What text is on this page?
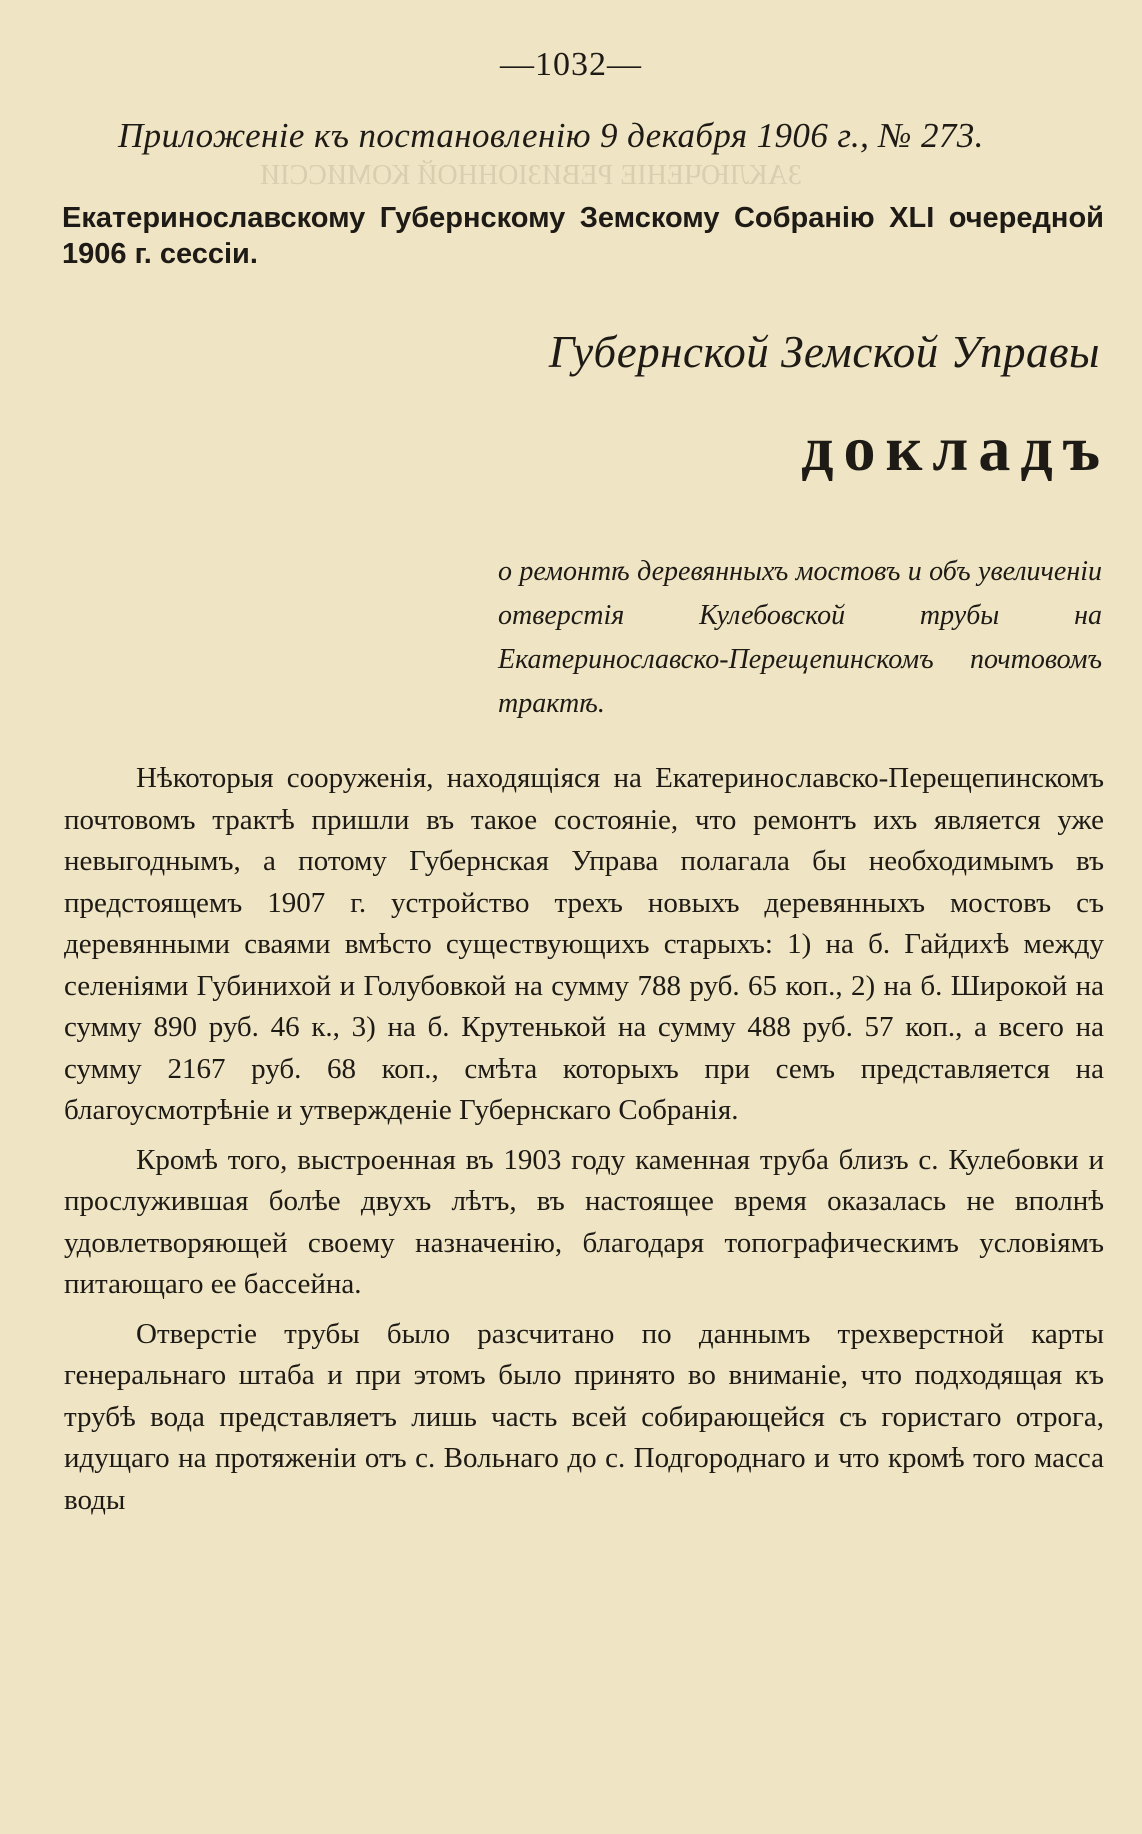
ЗАКЛЮЧЕНІЕ РЕВИЗІОННОЙ КОМИССІИ
—1032—
Приложеніе къ постановленію 9 декабря 1906 г., № 273.
Екатеринославскому Губернскому Земскому Собранію XLI очередной 1906 г. сессіи.
Губернской Земской Управы
докладъ
о ремонтѣ деревянныхъ мостовъ и объ увеличеніи отверстія Кулебовской трубы на Екатеринославско-Перещепинскомъ почтовомъ трактѣ.

Нѣкоторыя сооруженія, находящіяся на Екатеринославско-Перещепинскомъ почтовомъ трактѣ пришли въ такое состояніе, что ремонтъ ихъ является уже невыгоднымъ, а потому Губернская Управа полагала бы необходимымъ въ предстоящемъ 1907 г. устройство трехъ новыхъ деревянныхъ мостовъ съ деревянными сваями вмѣсто существующихъ старыхъ: 1) на б. Гайдихѣ между селеніями Губинихой и Голубовкой на сумму 788 руб. 65 коп., 2) на б. Широкой на сумму 890 руб. 46 к., 3) на б. Крутенькой на сумму 488 руб. 57 коп., а всего на сумму 2167 руб. 68 коп., смѣта которыхъ при семъ представляется на благоусмотрѣніе и утвержденіе Губернскаго Собранія.

Кромѣ того, выстроенная въ 1903 году каменная труба близъ с. Кулебовки и прослужившая болѣе двухъ лѣтъ, въ настоящее время оказалась не вполнѣ удовлетворяющей своему назначенію, благодаря топографическимъ условіямъ питающаго ее бассейна.

Отверстіе трубы было разсчитано по даннымъ трехверстной карты генеральнаго штаба и при этомъ было принято во вниманіе, что подходящая къ трубѣ вода представляетъ лишь часть всей собирающейся съ гористаго отрога, идущаго на протяженіи отъ с. Вольнаго до с. Подгороднаго и что кромѣ того масса воды
